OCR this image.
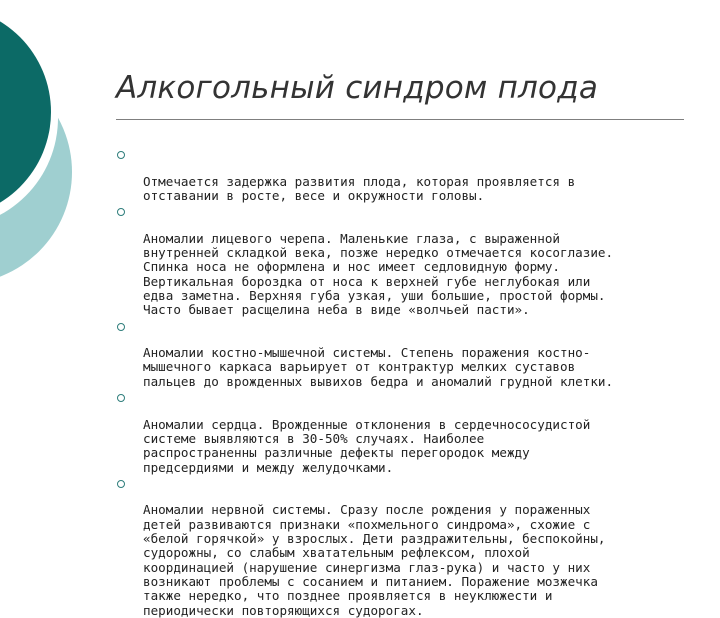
Алкогольный синдром плода

Отмечается задержка развития плода, которая проявляется в
отставании в росте, весе и окружности головы.

Аномалии лицевого черепа. Маленькие глаза, с выраженной
внутренней складкой века, позже нередко отмечается косоглазие.
Спинка носа не оформлена и нос имеет седловидную форму.
Вертикальная бороздка от носа к верхней губе неглубокая или
едва заметна. Верхняя губа узкая, уши большие, простой формы.
Часто бывает расщелина неба в виде «волчьей пасти».

Аномалии костно-мышечной системы. Степень поражения костно-
мышечного каркаса варьирует от контрактур мелких суставов
пальцев до врожденных вывихов бедра и аномалий грудной клетки.

Аномалии сердца. Врожденные отклонения в сердечнососудистой
системе выявляются в 30-50% случаях. Наиболее
распространенны различные дефекты перегородок между
предсердиями и между желудочками.

Аномалии нервной системы. Сразу после рождения у пораженных
детей развиваются признаки «похмельного синдрома», схожие с
«белой горячкой» у взрослых. Дети раздражительны, беспокойны,
судорожны, со слабым хватательным рефлексом, плохой
координацией (нарушение синергизма глаз-рука) и часто у них
возникают проблемы с сосанием и питанием. Поражение мозжечка
также нередко, что позднее проявляется в неуклюжести и
периодически повторяющихся судорогах.
